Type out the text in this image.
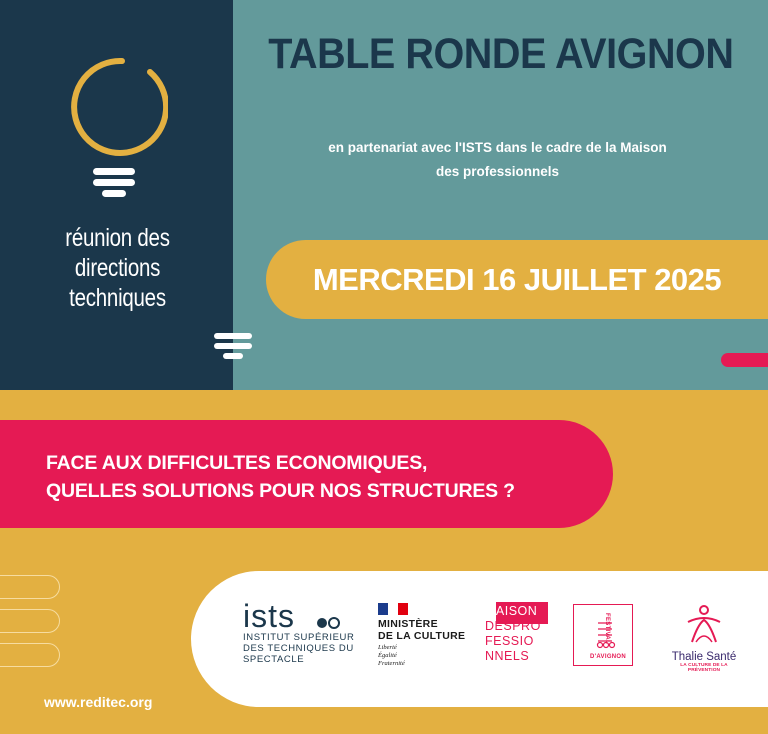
réunion des
directions
techniques
TABLE RONDE AVIGNON
en partenariat avec l'ISTS dans le cadre de la Maison
des professionnels
MERCREDI 16 JUILLET 2025
FACE AUX DIFFICULTES ECONOMIQUES,
QUELLES SOLUTIONS POUR NOS STRUCTURES ?
www.reditec.org
ists
INSTITUT SUPÉRIEUR
DES TECHNIQUES DU
SPECTACLE
MINISTÈRE
DE LA CULTURE
Liberté
Égalité
Fraternité
MAISON
DESPRO
FESSIO
NNELS
FESTIVAL
D'AVIGNON	Thalie Santé
LA CULTURE DE LA PRÉVENTION
